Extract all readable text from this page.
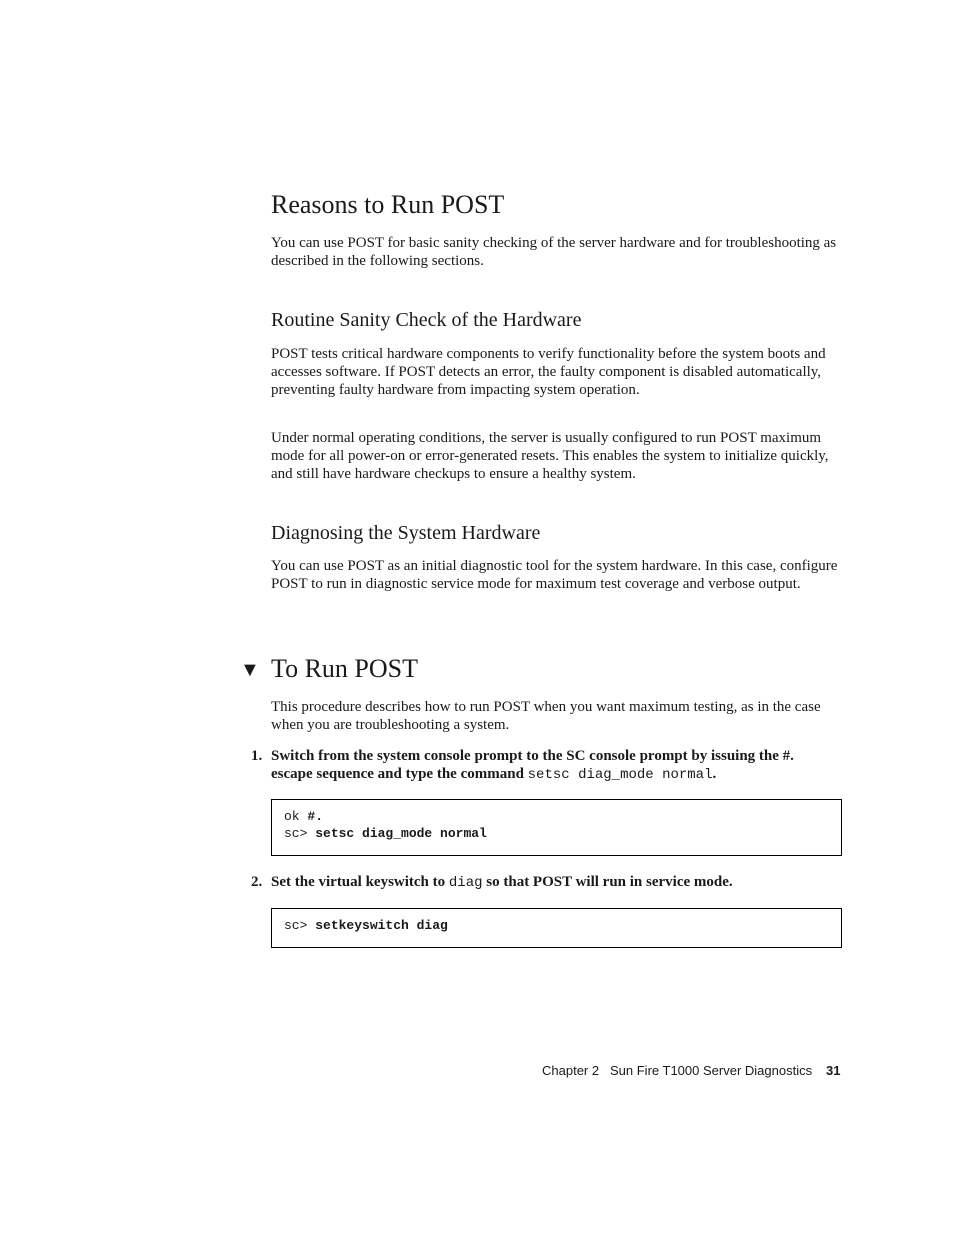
Reasons to Run POST

You can use POST for basic sanity checking of the server hardware and for troubleshooting as described in the following sections.

Routine Sanity Check of the Hardware

POST tests critical hardware components to verify functionality before the system boots and accesses software. If POST detects an error, the faulty component is disabled automatically, preventing faulty hardware from impacting system operation.

Under normal operating conditions, the server is usually configured to run POST maximum mode for all power-on or error-generated resets. This enables the system to initialize quickly, and still have hardware checkups to ensure a healthy system.

Diagnosing the System Hardware

You can use POST as an initial diagnostic tool for the system hardware. In this case, configure POST to run in diagnostic service mode for maximum test coverage and verbose output.

▼ To Run POST

This procedure describes how to run POST when you want maximum testing, as in the case when you are troubleshooting a system.

1. Switch from the system console prompt to the SC console prompt by issuing the #.
escape sequence and type the command setsc diag_mode normal.
ok #.
sc> setsc diag_mode normal
2. Set the virtual keyswitch to diag so that POST will run in service mode.
sc> setkeyswitch diag
Chapter 2 Sun Fire T1000 Server Diagnostics 31
